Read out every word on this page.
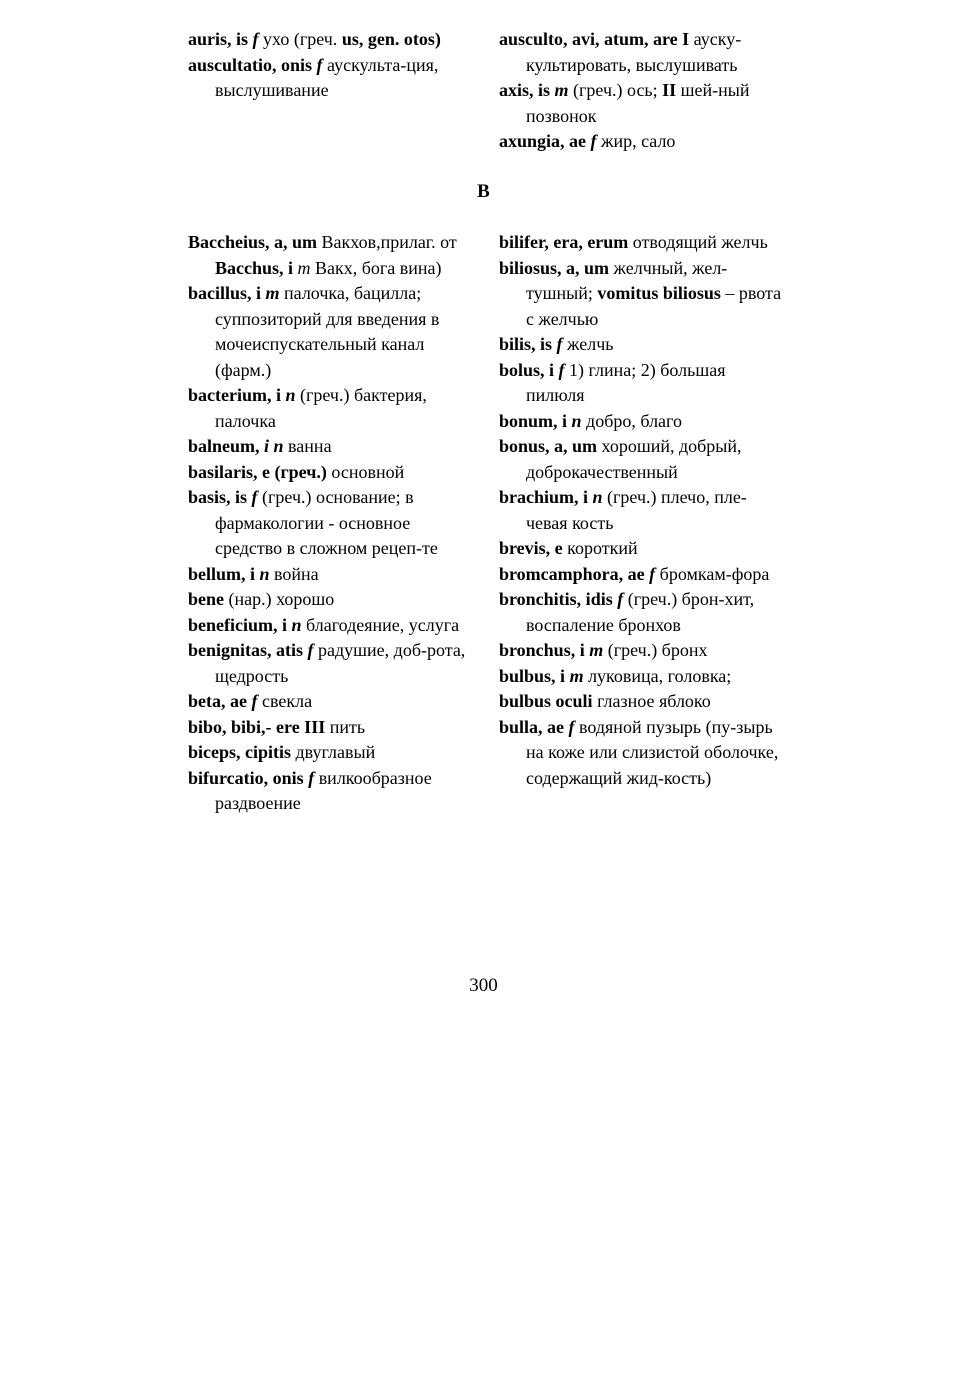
auris, is f ухо (греч. us, gen. otos)
auscultatio, onis f аускульта-ция, выслушивание
ausculto, avi, atum, are I ауску-культировать, выслушивать
axis, is m (греч.) ось; II шей-ный позвонок
axungia, ae f жир, сало
B
Baccheius, a, um Вакхов,прилаг. от Bacchus, i m Вакх, бога вина)
bacillus, i m палочка, бацилла; суппозиторий для введения в мочеиспускательный канал (фарм.)
bacterium, i n (греч.) бактерия, палочка
balneum, i n ванна
basilaris, e (греч.) основной
basis, is f (греч.) основание; в фармакологии - основное средство в сложном рецеп-те
bellum, i n война
bene (нар.) хорошо
beneficium, i n благодеяние, услуга
benignitas, atis f радушие, доб-рота, щедрость
beta, ae f свекла
bibo, bibi,- ere III пить
biceps, cipitis двуглавый
bifurcatio, onis f вилкообразное раздвоение
bilifer, era, erum отводящий желчь
biliosus, a, um желчный, жел-тушный; vomitus biliosus – рвота с желчью
bilis, is f желчь
bolus, i f 1) глина; 2) большая пилюля
bonum, i n добро, благо
bonus, a, um хороший, добрый, доброкачественный
brachium, i n (греч.) плечо, пле-чевая кость
brevis, e короткий
bromcamphora, ae f бромкам-фора
bronchitis, idis f (греч.) брон-хит, воспаление бронхов
bronchus, i m (греч.) бронх
bulbus, i m луковица, головка;
bulbus oculi глазное яблоко
bulla, ae f водяной пузырь (пу-зырь на коже или слизистой оболочке, содержащий жид-кость)
300
